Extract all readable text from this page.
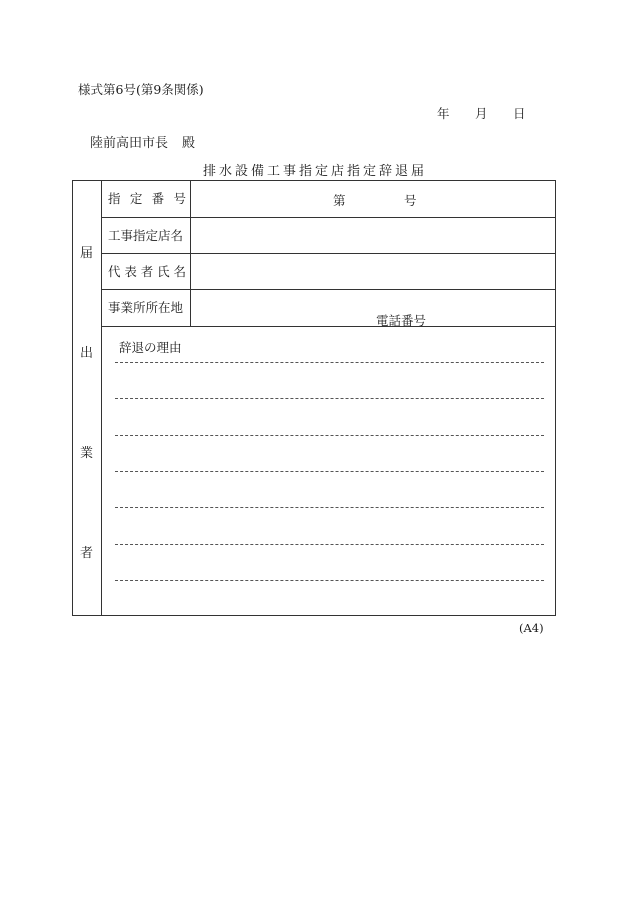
様式第6号(第9条関係)
年	月	日
陸前高田市長 殿
排水設備工事指定店指定辞退届
届
出
業
者
指 定 番 号	第	号
工事指定店名
代 表 者 氏 名
事業所所在地
電話番号
辞退の理由
(A4)
